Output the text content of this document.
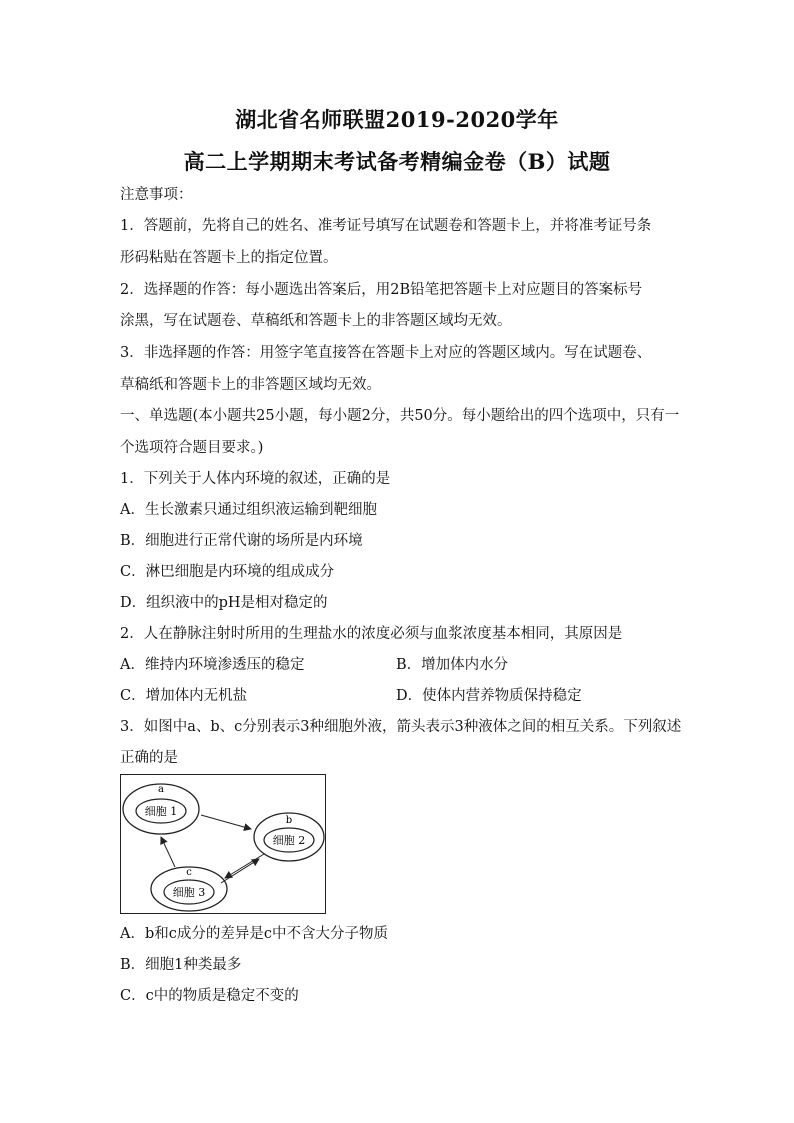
湖北省名师联盟2019-2020学年
高二上学期期末考试备考精编金卷（B）试题
注意事项：
1．答题前，先将自己的姓名、准考证号填写在试题卷和答题卡上，并将准考证号条
形码粘贴在答题卡上的指定位置。
2．选择题的作答：每小题选出答案后，用2B铅笔把答题卡上对应题目的答案标号
涂黑，写在试题卷、草稿纸和答题卡上的非答题区域均无效。
3．非选择题的作答：用签字笔直接答在答题卡上对应的答题区域内。写在试题卷、
草稿纸和答题卡上的非答题区域均无效。
一、单选题(本小题共25小题，每小题2分，共50分。每小题给出的四个选项中，只有一
个选项符合题目要求。)
1．下列关于人体内环境的叙述，正确的是
A．生长激素只通过组织液运输到靶细胞
B．细胞进行正常代谢的场所是内环境
C．淋巴细胞是内环境的组成成分
D．组织液中的pH是相对稳定的
2．人在静脉注射时所用的生理盐水的浓度必须与血浆浓度基本相同，其原因是
A．维持内环境渗透压的稳定	B．增加体内水分
C．增加体内无机盐	D．使体内营养物质保持稳定
3．如图中a、b、c分别表示3种细胞外液，箭头表示3种液体之间的相互关系。下列叙述
正确的是
a
细胞 1
b
细胞 2
c
细胞 3
A．b和c成分的差异是c中不含大分子物质
B．细胞1种类最多
C．c中的物质是稳定不变的
